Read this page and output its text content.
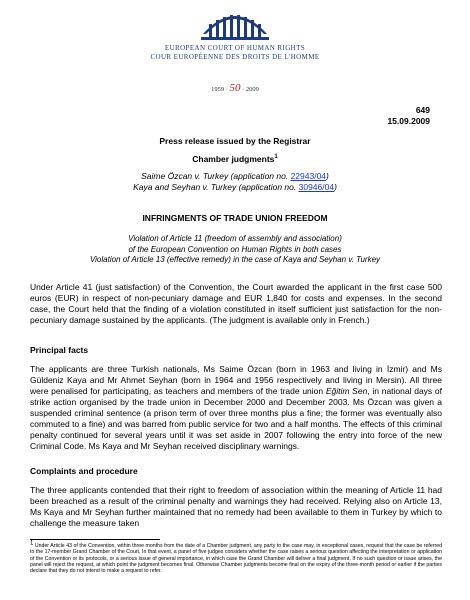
EUROPEAN COURT OF HUMAN RIGHTS
COUR EUROPÉENNE DES DROITS DE L'HOMME
1959 · 50 · 2009
649
15.09.2009
Press release issued by the Registrar
Chamber judgments$^1$
Saime Özcan v. Turkey (application no. 22943/04)
Kaya and Seyhan v. Turkey (application no. 30946/04)
INFRINGMENTS OF TRADE UNION FREEDOM
Violation of Article 11 (freedom of assembly and association)
of the European Convention on Human Rights in both cases
Violation of Article 13 (effective remedy) in the case of Kaya and Seyhan v. Turkey
Under Article 41 (just satisfaction) of the Convention, the Court awarded the applicant in the first case 500 euros (EUR) in respect of non-pecuniary damage and EUR 1,840 for costs and expenses. In the second case, the Court held that the finding of a violation constituted in itself sufficient just satisfaction for the non-pecuniary damage sustained by the applicants. (The judgment is available only in French.)
Principal facts
The applicants are three Turkish nationals, Ms Saime Özcan (born in 1963 and living in İzmir) and Ms Güldeniz Kaya and Mr Ahmet Seyhan (born in 1964 and 1956 respectively and living in Mersin). All three were penalised for participating, as teachers and members of the trade union Eğitim Sen, in national days of strike action organised by the trade union in December 2000 and December 2003. Ms Özcan was given a suspended criminal sentence (a prison term of over three months plus a fine; the former was eventually also commuted to a fine) and was barred from public service for two and a half months. The effects of this criminal penalty continued for several years until it was set aside in 2007 following the entry into force of the new Criminal Code. Ms Kaya and Mr Seyhan received disciplinary warnings.
Complaints and procedure
The three applicants contended that their right to freedom of association within the meaning of Article 11 had been breached as a result of the criminal penalty and warnings they had received. Relying also on Article 13, Ms Kaya and Mr Seyhan further maintained that no remedy had been available to them in Turkey by which to challenge the measure taken
$^1$ Under Article 43 of the Convention, within three months from the date of a Chamber judgment, any party to the case may, in exceptional cases, request that the case be referred to the 17-member Grand Chamber of the Court. In that event, a panel of five judges considers whether the case raises a serious question affecting the interpretation or application of the Convention or its protocols, or a serious issue of general importance, in which case the Grand Chamber will deliver a final judgment. If no such question or issue arises, the panel will reject the request, at which point the judgment becomes final. Otherwise Chamber judgments become final on the expiry of the three-month period or earlier if the parties declare that they do not intend to make a request to refer.
